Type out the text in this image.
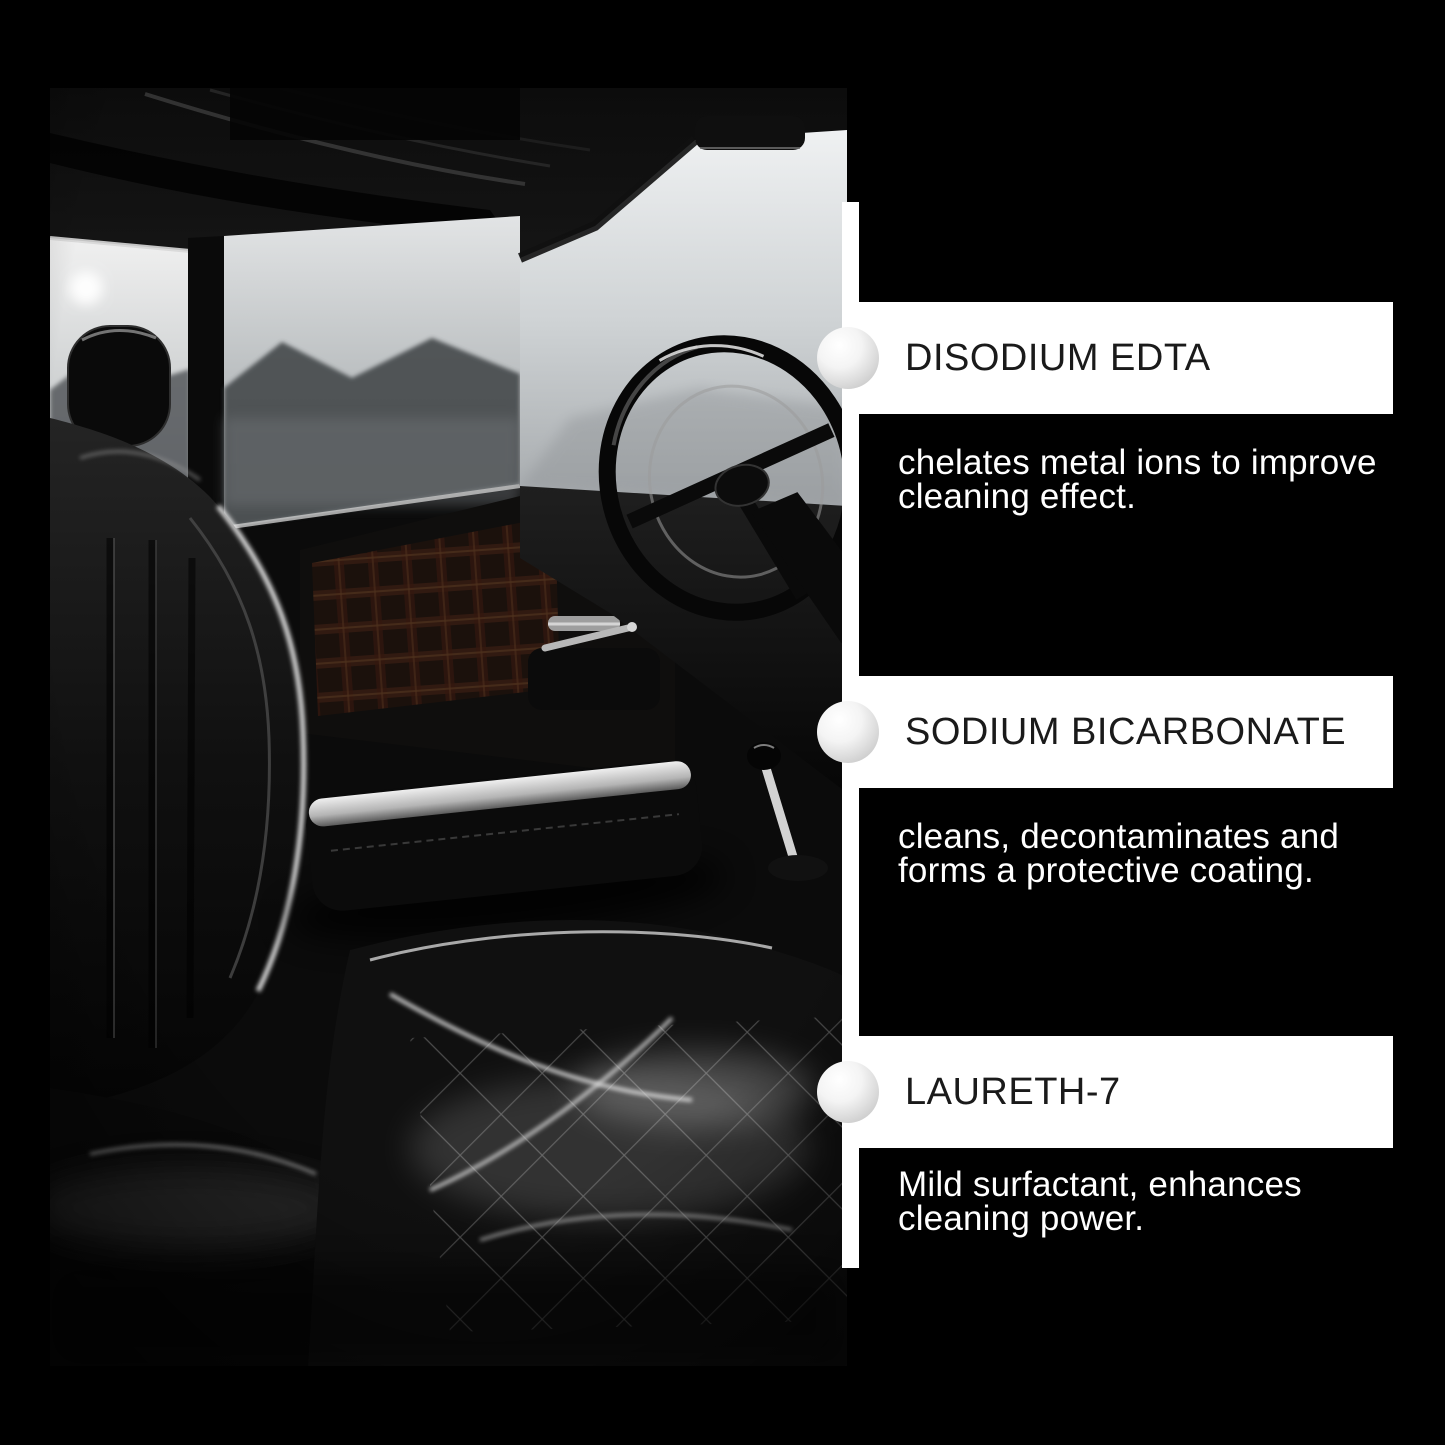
DISODIUM EDTA
chelates metal ions to improve
cleaning effect.
SODIUM BICARBONATE
cleans, decontaminates and
forms a protective coating.
LAURETH-7
Mild surfactant, enhances
cleaning power.
